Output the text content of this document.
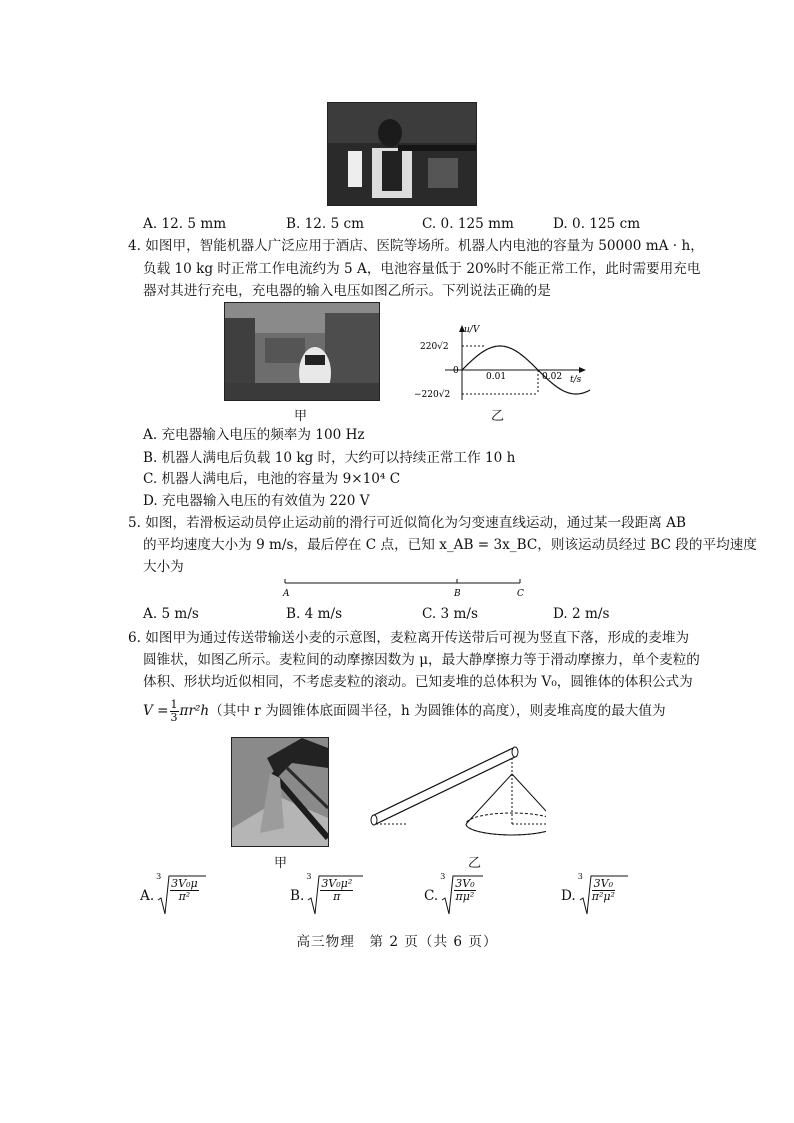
A. 12. 5 mm	B. 12. 5 cm	C. 0. 125 mm	D. 0. 125 cm
4. 如图甲，智能机器人广泛应用于酒店、医院等场所。机器人内电池的容量为 50000 mA · h，
负载 10 kg 时正常工作电流约为 5 A，电池容量低于 20%时不能正常工作，此时需要用充电
器对其进行充电，充电器的输入电压如图乙所示。下列说法正确的是
甲
u/V
t/s
220√2
−220√2
0
0.01	0.02
乙
A. 充电器输入电压的频率为 100 Hz
B. 机器人满电后负载 10 kg 时，大约可以持续正常工作 10 h
C. 机器人满电后，电池的容量为 9×10⁴ C
D. 充电器输入电压的有效值为 220 V
5. 如图，若滑板运动员停止运动前的滑行可近似简化为匀变速直线运动，通过某一段距离 AB
的平均速度大小为 9 m/s，最后停在 C 点，已知 x_AB = 3x_BC，则该运动员经过 BC 段的平均速度
大小为
A	B	C
A. 5 m/s	B. 4 m/s	C. 3 m/s	D. 2 m/s
6. 如图甲为通过传送带输送小麦的示意图，麦粒离开传送带后可视为竖直下落，形成的麦堆为
圆锥状，如图乙所示。麦粒间的动摩擦因数为 μ，最大静摩擦力等于滑动摩擦力，单个麦粒的
体积、形状均近似相同，不考虑麦粒的滚动。已知麦堆的总体积为 V₀，圆锥体的体积公式为
$V = \frac{1}{3} \pi r^2h$ （其中 r 为圆锥体底面圆半径，h 为圆锥体的高度），则麦堆高度的最大值为
甲	乙
A.
3
$\frac{\text{3V₀μ}}{\text{π²}}$	B.
3
$\frac{\text{3V₀μ²}}{\pi}$	C.
3
$\frac{\text{3V₀}}{\text{πμ²}}$	D.
3
$\frac{\text{3V₀}}{\text{π²μ²}}$
高三物理　第 2 页（共 6 页）
